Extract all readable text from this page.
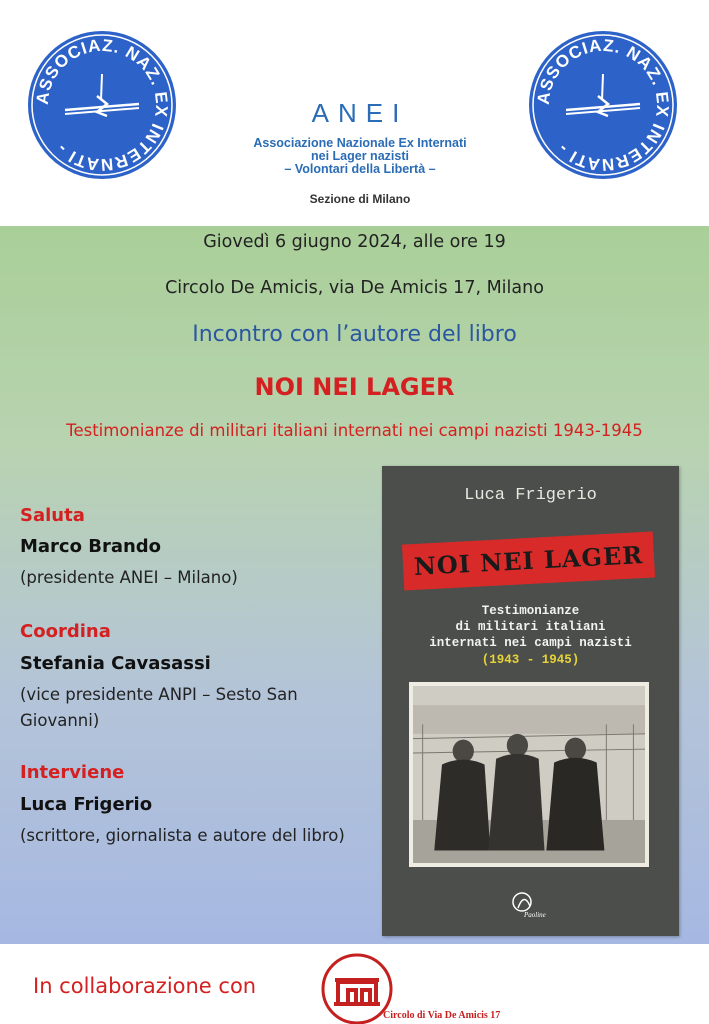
ASSOCIAZ. NAZ. EX INTERNATI -
ANEI
Associazione Nazionale Ex Internati
nei Lager nazisti
– Volontari della Libertà –
Sezione di Milano
ASSOCIAZ. NAZ. EX INTERNATI -
Giovedì 6 giugno 2024, alle ore 19
Circolo De Amicis, via De Amicis 17, Milano
Incontro con l’autore del libro
NOI NEI LAGER
Testimonianze di militari italiani internati nei campi nazisti 1943-1945
Saluta
Marco Brando
(presidente ANEI – Milano)
Coordina
Stefania Cavasassi
(vice presidente ANPI – Sesto San Giovanni)
Interviene
Luca Frigerio
(scrittore, giornalista e autore del libro)
Luca Frigerio
NOI NEI LAGER
Testimonianze
di militari italiani
internati nei campi nazisti
(1943 - 1945)
Paoline
In collaborazione con
Circolo di Via De Amicis 17
